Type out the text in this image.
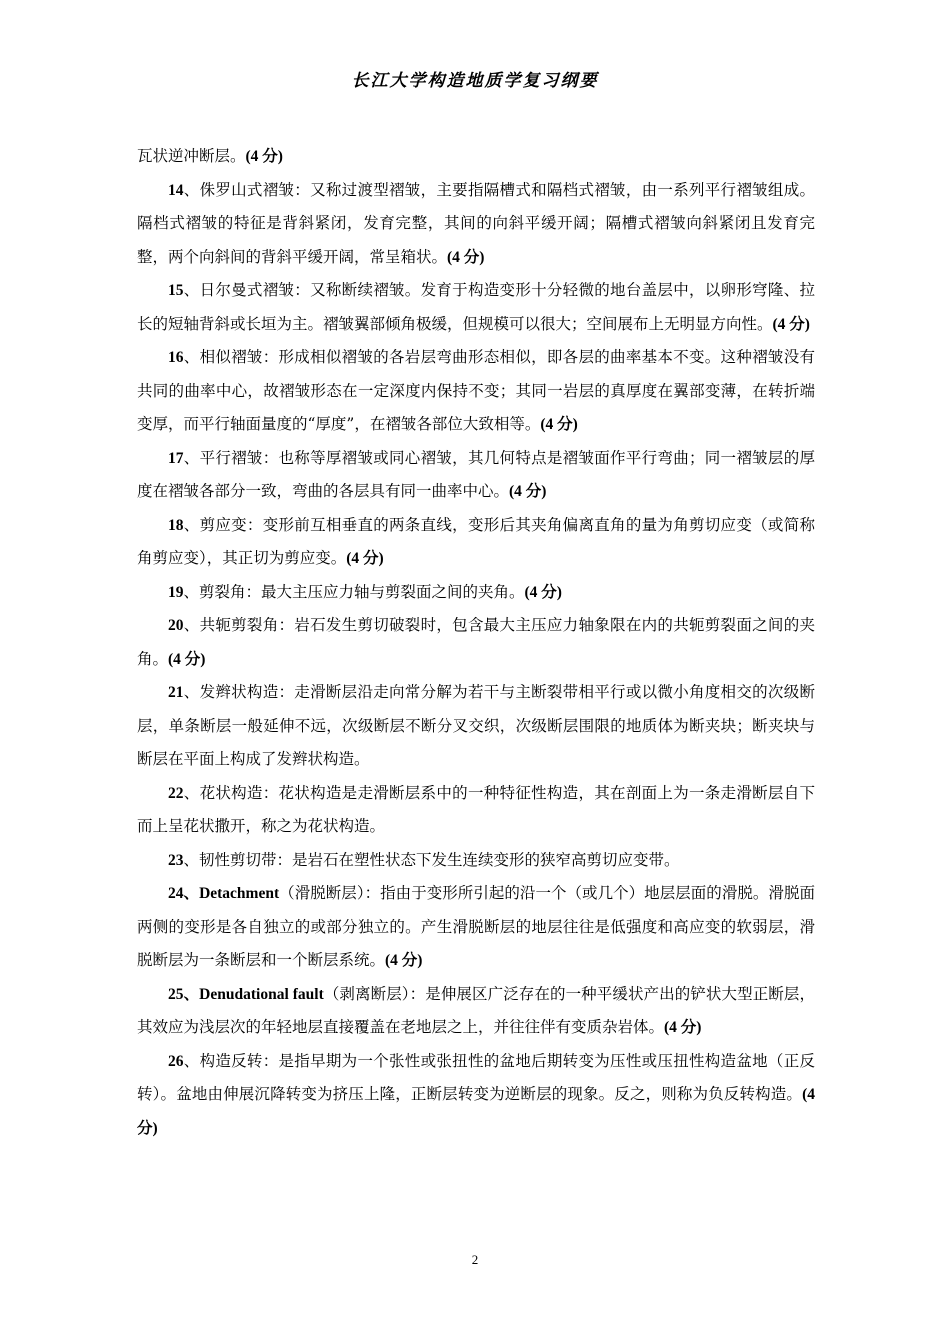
长江大学构造地质学复习纲要

瓦状逆冲断层。(4 分)

14、侏罗山式褶皱：又称过渡型褶皱，主要指隔槽式和隔档式褶皱，由一系列平行褶皱组成。隔档式褶皱的特征是背斜紧闭，发育完整，其间的向斜平缓开阔；隔槽式褶皱向斜紧闭且发育完整，两个向斜间的背斜平缓开阔，常呈箱状。(4 分)

15、日尔曼式褶皱：又称断续褶皱。发育于构造变形十分轻微的地台盖层中，以卵形穹隆、拉长的短轴背斜或长垣为主。褶皱翼部倾角极缓，但规模可以很大；空间展布上无明显方向性。(4 分)

16、相似褶皱：形成相似褶皱的各岩层弯曲形态相似，即各层的曲率基本不变。这种褶皱没有共同的曲率中心，故褶皱形态在一定深度内保持不变；其同一岩层的真厚度在翼部变薄，在转折端变厚，而平行轴面量度的“厚度”，在褶皱各部位大致相等。(4 分)

17、平行褶皱：也称等厚褶皱或同心褶皱，其几何特点是褶皱面作平行弯曲；同一褶皱层的厚度在褶皱各部分一致，弯曲的各层具有同一曲率中心。(4 分)

18、剪应变：变形前互相垂直的两条直线，变形后其夹角偏离直角的量为角剪切应变（或简称角剪应变），其正切为剪应变。(4 分)

19、剪裂角：最大主压应力轴与剪裂面之间的夹角。(4 分)

20、共轭剪裂角：岩石发生剪切破裂时，包含最大主压应力轴象限在内的共轭剪裂面之间的夹角。(4 分)

21、发辫状构造：走滑断层沿走向常分解为若干与主断裂带相平行或以微小角度相交的次级断层，单条断层一般延伸不远，次级断层不断分叉交织，次级断层围限的地质体为断夹块；断夹块与断层在平面上构成了发辫状构造。

22、花状构造：花状构造是走滑断层系中的一种特征性构造，其在剖面上为一条走滑断层自下而上呈花状撒开，称之为花状构造。

23、韧性剪切带：是岩石在塑性状态下发生连续变形的狭窄高剪切应变带。

24、Detachment（滑脱断层）：指由于变形所引起的沿一个（或几个）地层层面的滑脱。滑脱面两侧的变形是各自独立的或部分独立的。产生滑脱断层的地层往往是低强度和高应变的软弱层，滑脱断层为一条断层和一个断层系统。(4 分)

25、Denudational fault（剥离断层）：是伸展区广泛存在的一种平缓状产出的铲状大型正断层，其效应为浅层次的年轻地层直接覆盖在老地层之上，并往往伴有变质杂岩体。(4 分)

26、构造反转：是指早期为一个张性或张扭性的盆地后期转变为压性或压扭性构造盆地（正反转）。盆地由伸展沉降转变为挤压上隆，正断层转变为逆断层的现象。反之，则称为负反转构造。(4 分)

2
